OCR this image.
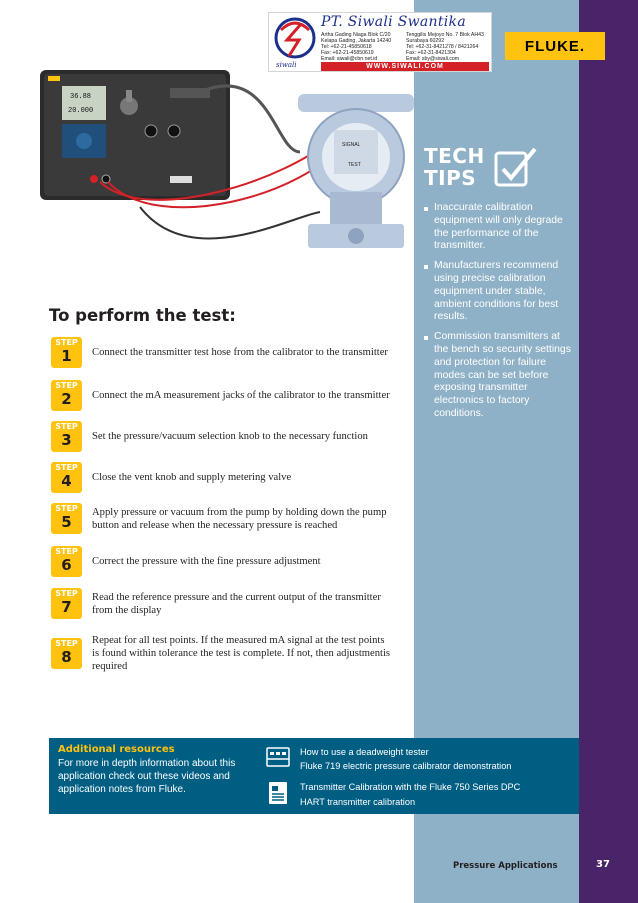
FLUKE.
siwali
PT. Siwali Swantika
Artha Gading Niaga Blok C/20
Kelapa Gading, Jakarta 14240
Tel: +62-21-45850618
Fax: +62-21-45850619
Email: siwali@cbn.net.id
Tenggilis Mejoyo No. 7 Blok AH43
Surabaya 60292
Tel: +62-31-8421278 / 8421264
Fax: +62-31-8421304
Email: sby@siwali.com
WWW.SIWALI.COM
36.88
20.000
SIGNAL
TEST	TECH
TIPS
Inaccurate calibration equipment will only degrade the performance of the transmitter.
Manufacturers recommend using precise calibration equipment under stable, ambient conditions for best results.
Commission transmitters at the bench so security settings and protection for failure modes can be set before exposing transmitter electronics to factory conditions.
To perform the test:
STEP
1	Connect the transmitter test hose from the calibrator to the transmitter
STEP
2	Connect the mA measurement jacks of the calibrator to the transmitter
STEP
3	Set the pressure/vacuum selection knob to the necessary function
STEP
4	Close the vent knob and supply metering valve
STEP
5
Apply pressure or vacuum from the pump by holding down the pump button and release when the necessary pressure is reached
STEP
6	Correct the pressure with the fine pressure adjustment
STEP
7
Read the reference pressure and the current output of the transmitter from the display
STEP
8
Repeat for all test points. If the measured mA signal at the test points is found within tolerance the test is complete. If not, then adjustmentis required
Additional resources
For more in depth information about this application check out these videos and application notes from Fluke.
How to use a deadweight tester
Fluke 719 electric pressure calibrator demonstration
Transmitter Calibration with the Fluke 750 Series DPC
HART transmitter calibration
Pressure Applications	37
